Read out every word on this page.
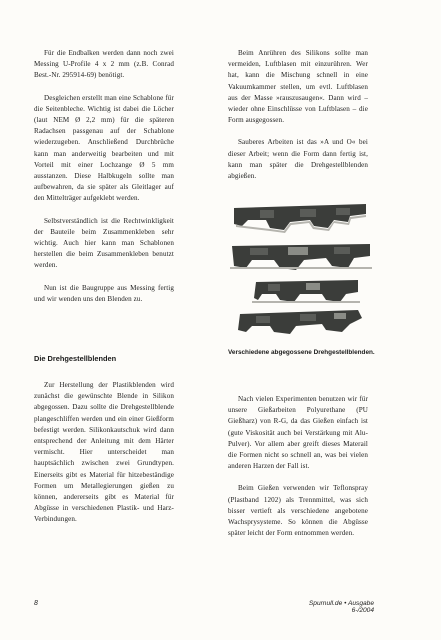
Für die Endbalken werden dann noch zwei Messing U-Profile 4 x 2 mm (z.B. Conrad Best.-Nr. 295914-69) benötigt.

Desgleichen erstellt man eine Schablone für die Seitenbleche. Wichtig ist dabei die Löcher (laut NEM Ø 2,2 mm) für die späteren Radachsen passgenau auf der Schablone wiederzugeben. Anschließend Durchbrüche kann man anderweitig bearbeiten und mit Vorteil mit einer Lochzange Ø 5 mm ausstanzen. Diese Halbkugeln sollte man aufbewahren, da sie später als Gleitlager auf den Mittelträger aufgeklebt werden.

Selbstverständlich ist die Rechtwinkligkeit der Bauteile beim Zusammenkleben sehr wichtig. Auch hier kann man Schablonen herstellen die beim Zusammenkleben benutzt werden.

Nun ist die Baugruppe aus Messing fertig und wir wenden uns den Blenden zu.

Die Drehgestellblenden

Zur Herstellung der Plastikblenden wird zunächst die gewünschte Blende in Silikon abgegossen. Dazu sollte die Drehgestellblende plangeschliffen werden und ein einer Gießform befestigt werden. Silikonkautschuk wird dann entsprechend der Anleitung mit dem Härter vermischt. Hier unterscheidet man hauptsächlich zwischen zwei Grundtypen. Einerseits gibt es Material für hitzebeständige Formen um Metallegierungen gießen zu können, andererseits gibt es Material für Abgüsse in verschiedenen Plastik- und Harz-Verbindungen.

Beim Anrühren des Silikons sollte man vermeiden, Luftblasen mit einzurühren. Wer hat, kann die Mischung schnell in eine Vakuumkammer stellen, um evtl. Luftblasen aus der Masse »rauszusaugen«. Dann wird – wieder ohne Einschlüsse von Luftblasen – die Form ausgegossen.

Sauberes Arbeiten ist das »A und O« bei dieser Arbeit; wenn die Form dann fertig ist, kann man später die Drehgestellblenden abgießen.

Verschiedene abgegossene Drehgestellblenden.

Nach vielen Experimenten benutzen wir für unsere Gießarbeiten Polyurethane (PU Gießharz) von R-G, da das Gießen einfach ist (gute Viskosität auch bei Verstärkung mit Alu-Pulver). Vor allem aber greift dieses Materail die Formen nicht so schnell an, was bei vielen anderen Harzen der Fall ist.

Beim Gießen verwenden wir Teflonspray (Plastband 1202) als Trennmittel, was sich bisser vertieft als verschiedene angebotene Wachsprysysteme. So können die Abgüsse später leicht der Form entnommen werden.

8	Spurnull.de • Ausgabe 6-/2004
